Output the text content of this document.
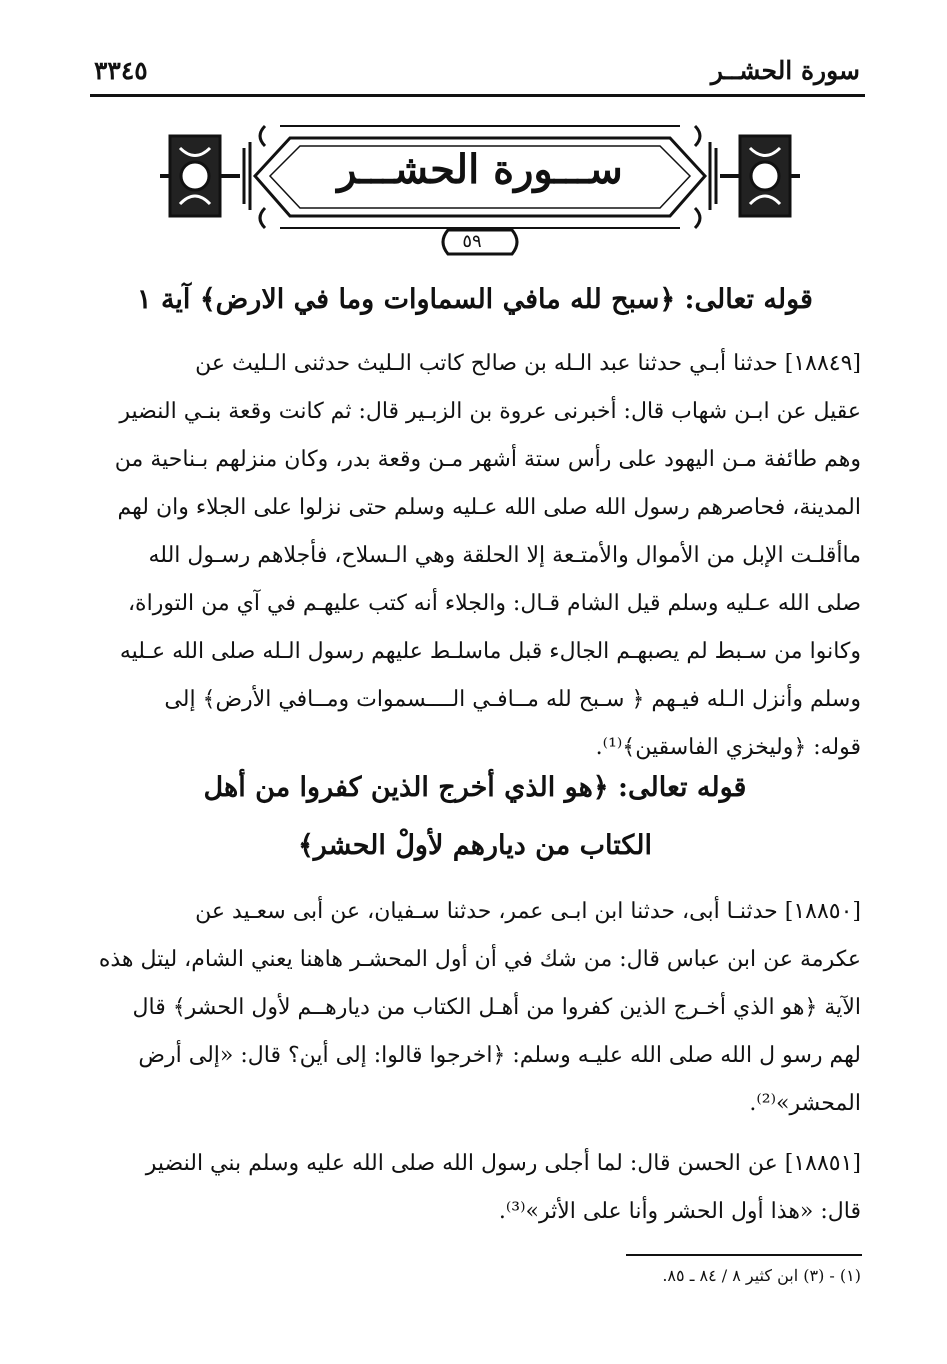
سورة الحشــر
٣٣٤٥
ســـورة الحشـــر
٥٩
قوله تعالى: ﴿سبح لله مافي السماوات وما في الارض﴾ آية ١
[١٨٨٤٩] حدثنا أبـي حدثنا عبد الـله بن صالح كاتب الـليث حدثنى الـليث عن
عقيل عن ابـن شهاب قال: أخبرنى عروة بن الزبـير قال: ثم كانت وقعة بنـي النضير
وهم طائفة مـن اليهود على رأس ستة أشهر مـن وقعة بدر، وكان منزلهم بـناحية من
المدينة، فحاصرهم رسول الله صلى الله عـليه وسلم حتى نزلوا على الجلاء وان لهم
ماأقلـت الإبل من الأموال والأمتـعة إلا الحلقة وهي الـسلاح، فأجلاهم رسـول الله
صلى الله عـليه وسلم قيل الشام قـال: والجلاء أنه كتب عليهـم في آي من التوراة،
وكانوا من سـبط لم يصبهـم الجالء قبل ماسلـط عليهم رسول الـله صلى الله عـليه
وسلم وأنزل الـله فيـهم ﴿ سـبح لله مــافـي الــــسموات ومــافي الأرض﴾ إلى
قوله: ﴿وليخزي الفاسقين﴾⁽¹⁾.
قوله تعالى: ﴿هو الذي أخرج الذين كفروا من أهل
الكتاب من ديارهم لأولْ الحشر﴾
[١٨٨٥٠] حدثنـا أبى، حدثنا ابن ابـى عمر، حدثنا سـفيان، عن أبى سعـيد عن
عكرمة عن ابن عباس قال: من شك في أن أول المحشـر هاهنا يعني الشام، ليتل هذه
الآية ﴿هو الذي أخـرج الذين كفروا من أهـل الكتاب من ديارهــم لأول الحشر﴾ قال
لهم رسو ل الله صلى الله عليـه وسلم: ﴿اخرجوا قالوا: إلى أين؟ قال: «إلى أرض
المحشر»⁽²⁾.
[١٨٨٥١] عن الحسن قال: لما أجلى رسول الله صلى الله عليه وسلم بني النضير
قال: «هذا أول الحشر وأنا على الأثر»⁽³⁾.
(١) - (٣) ابن كثير ٨ / ٨٤ ـ ٨٥.
